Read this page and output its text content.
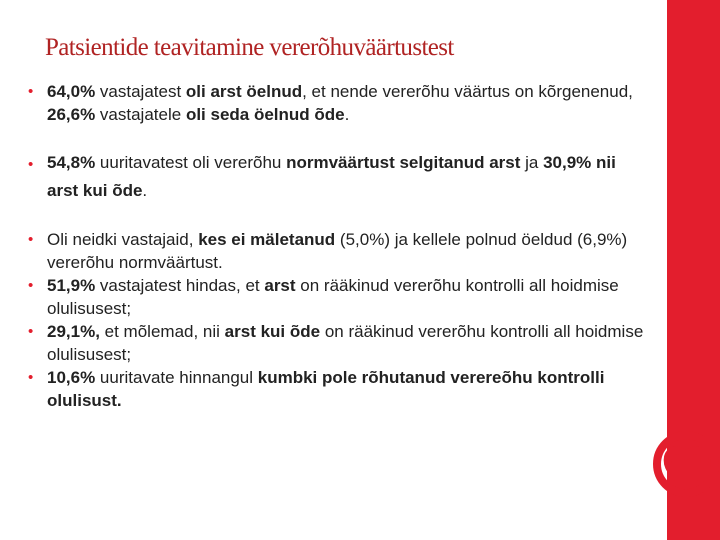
Patsientide teavitamine vererõhuväärtustest
• 64,0% vastajatest oli arst öelnud, et nende vererõhu väärtus on kõrgenenud, 26,6% vastajatele oli seda öelnud õde.
• 54,8% uuritavatest oli vererõhu normväärtust selgitanud arst ja 30,9% nii arst kui õde.
• Oli neidki vastajaid, kes ei mäletanud (5,0%) ja kellele polnud öeldud (6,9%) vererõhu normväärtust.
• 51,9% vastajatest hindas, et arst on rääkinud vererõhu kontrolli all hoidmise olulisusest;
• 29,1%, et mõlemad, nii arst kui õde on rääkinud vererõhu kontrolli all hoidmise olulisusest;
• 10,6% uuritavate hinnangul kumbki pole rõhutanud verereõhu kontrolli olulisust.
